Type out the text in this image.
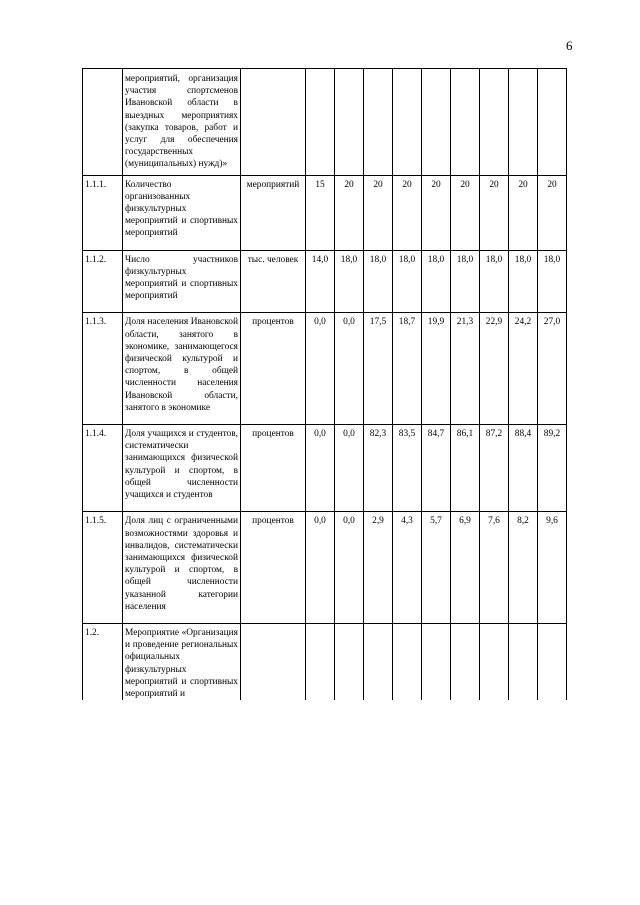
6
	мероприятий, организация участия спортсменов Ивановской области в выездных мероприятиях (закупка товаров, работ и услуг для обеспечения государственных (муниципальных) нужд)»										
1.1.1.	Количество организованных физкультурных мероприятий и спортивных мероприятий	мероприятий	15	20	20	20	20	20	20	20	20
1.1.2.	Число участников физкультурных мероприятий и спортивных мероприятий	тыс. человек	14,0	18,0	18,0	18,0	18,0	18,0	18,0	18,0	18,0
1.1.3.	Доля населения Ивановской области, занятого в экономике, занимающегося физической культурой и спортом, в общей численности населения Ивановской области, занятого в экономике	процентов	0,0	0,0	17,5	18,7	19,9	21,3	22,9	24,2	27,0
1.1.4.	Доля учащихся и студентов, систематически занимающихся физической культурой и спортом, в общей численности учащихся и студентов	процентов	0,0	0,0	82,3	83,5	84,7	86,1	87,2	88,4	89,2
1.1.5.	Доля лиц с ограниченными возможностями здоровья и инвалидов, систематически занимающихся физической культурой и спортом, в общей численности указанной категории населения	процентов	0,0	0,0	2,9	4,3	5,7	6,9	7,6	8,2	9,6
1.2.	Мероприятие «Организация и проведение региональных официальных физкультурных мероприятий и спортивных мероприятий и										
